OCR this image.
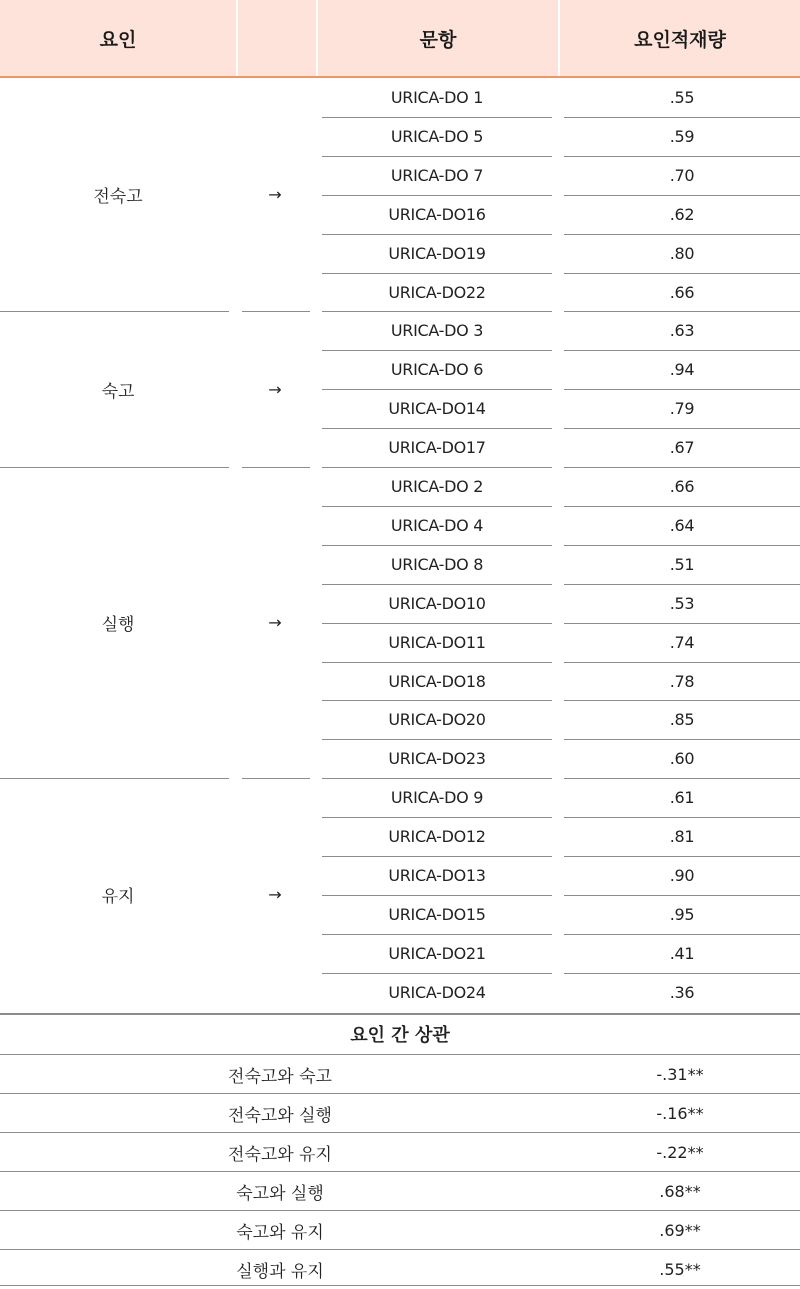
요인	문항	요인적재량
전숙고	→
URICA-DO 1	.55
URICA-DO 5	.59
URICA-DO 7	.70
URICA-DO16	.62
URICA-DO19	.80
URICA-DO22	.66
숙고	→
URICA-DO 3	.63
URICA-DO 6	.94
URICA-DO14	.79
URICA-DO17	.67
실행	→
URICA-DO 2	.66
URICA-DO 4	.64
URICA-DO 8	.51
URICA-DO10	.53
URICA-DO11	.74
URICA-DO18	.78
URICA-DO20	.85
URICA-DO23	.60
유지	→
URICA-DO 9	.61
URICA-DO12	.81
URICA-DO13	.90
URICA-DO15	.95
URICA-DO21	.41
URICA-DO24	.36
요인 간 상관
전숙고와 숙고	-.31**
전숙고와 실행	-.16**
전숙고와 유지	-.22**
숙고와 실행	.68**
숙고와 유지	.69**
실행과 유지	.55**
